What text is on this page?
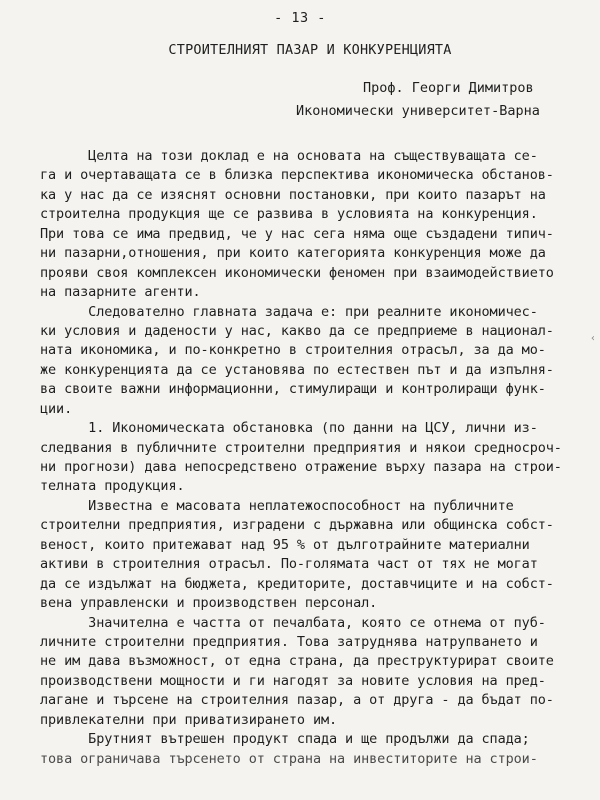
- 13 -
СТРОИТЕЛНИЯТ ПАЗАР И КОНКУРЕНЦИЯТА
Проф. Георги Димитров
Икономически университет-Варна
Целта на този доклад е на основата на съществуващата се-
га и очертаващата се в близка перспектива икономическа обстанов-
ка у нас да се изяснят основни постановки, при които пазарът на
строителна продукция ще се развива в условията на конкуренция.
При това се има предвид, че у нас сега няма още създадени типич-
ни пазарни,отношения, при които категорията конкуренция може да
прояви своя комплексен икономически феномен при взаимодействието
на пазарните агенти.
Следователно главната задача е: при реалните икономичес-
ки условия и дадености у нас, какво да се предприеме в национал-
ната икономика, и по-конкретно в строителния отрасъл, за да мо-
же конкуренцията да се установява по естествен път и да изпълня-
ва своите важни информационни, стимулиращи и контролиращи функ-
ции.
1. Икономическата обстановка (по данни на ЦСУ, лични из-
следвания в публичните строителни предприятия и някои средносроч-
ни прогнози) дава непосредствено отражение върху пазара на строи-
телната продукция.
Известна е масовата неплатежоспособност на публичните
строителни предприятия, изградени с държавна или общинска собст-
веност, които притежават над 95 % от дълготрайните материални
активи в строителния отрасъл. По-голямата част от тях не могат
да се издължат на бюджета, кредиторите, доставчиците и на собст-
вена управленски и производствен персонал.
Значителна е частта от печалбата, която се отнема от пуб-
личните строителни предприятия. Това затруднява натрупването и
не им дава възможност, от една страна, да преструктурират своите
производствени мощности и ги нагодят за новите условия на пред-
лагане и търсене на строителния пазар, а от друга - да бъдат по-
привлекателни при приватизирането им.
Брутният вътрешен продукт спада и ще продължи да спада;
това ограничава търсенето от страна на инвеститорите на строи-
‹
